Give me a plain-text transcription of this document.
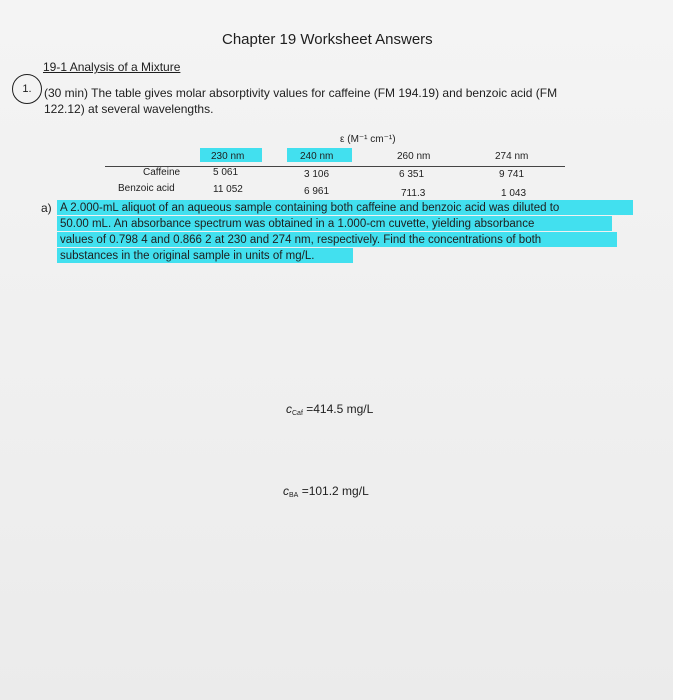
Chapter 19 Worksheet Answers
19-1 Analysis of a Mixture
1. (30 min) The table gives molar absorptivity values for caffeine (FM 194.19) and benzoic acid (FM
122.12) at several wavelengths.
ε (M⁻¹ cm⁻¹)
230 nm	240 nm	260 nm	274 nm
Caffeine	5 061	3 106	6 351	9 741
Benzoic acid	11 052	6 961	711.3	1 043
a) A 2.000-mL aliquot of an aqueous sample containing both caffeine and benzoic acid was diluted to
50.00 mL. An absorbance spectrum was obtained in a 1.000-cm cuvette, yielding absorbance
values of 0.798 4 and 0.866 2 at 230 and 274 nm, respectively. Find the concentrations of both
substances in the original sample in units of mg/L.
$c_{Caf} =414.5$ mg/L
$c_{BA} =101.2$ mg/L
